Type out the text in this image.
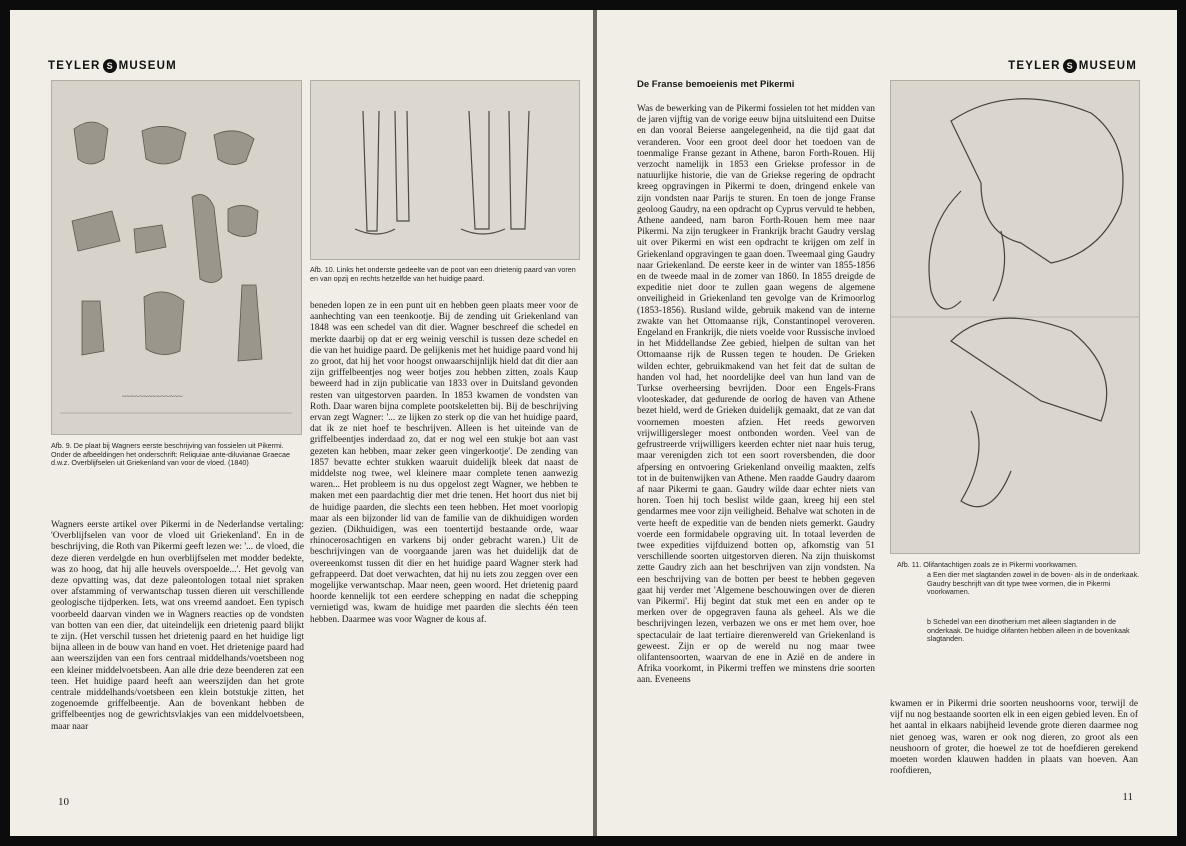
TEYLER S MUSEUM
~~~~~~~~~~~~~~
Afb. 9. De plaat bij Wagners eerste beschrijving van fossielen uit Pikermi. Onder de afbeeldingen het onderschrift: Reliquiae ante-diluvianae Graecae d.w.z. Overblijfselen uit Griekenland van voor de vloed. (1840)
Afb. 10. Links het onderste gedeelte van de poot van een drietenig paard van voren en van opzij en rechts hetzelfde van het huidige paard.

Wagners eerste artikel over Pikermi in de Nederlandse vertaling: 'Overblijfselen van voor de vloed uit Griekenland'. En in de beschrijving, die Roth van Pikermi geeft lezen we: '... de vloed, die deze dieren verdelgde en hun overblijfselen met modder bedekte, was zo hoog, dat hij alle heuvels overspoelde...'. Het gevolg van deze opvatting was, dat deze paleontologen totaal niet spraken over afstamming of verwantschap tussen dieren uit verschillende geologische tijdperken. Iets, wat ons vreemd aandoet. Een typisch voorbeeld daarvan vinden we in Wagners reacties op de vondsten van botten van een dier, dat uiteindelijk een drietenig paard blijkt te zijn. (Het verschil tussen het drietenig paard en het huidige ligt bijna alleen in de bouw van hand en voet. Het drietenige paard had aan weerszijden van een fors centraal middelhands/voetsbeen nog een kleiner middelvoetsbeen. Aan alle drie deze beenderen zat een teen. Het huidige paard heeft aan weerszijden dan het grote centrale middelhands/voetsbeen een klein botstukje zitten, het zogenoemde griffelbeentje. Aan de bovenkant hebben de griffelbeentjes nog de gewrichtsvlakjes van een middelvoetsbeen, maar naar

beneden lopen ze in een punt uit en hebben geen plaats meer voor de aanhechting van een teenkootje. Bij de zending uit Griekenland van 1848 was een schedel van dit dier. Wagner beschreef die schedel en merkte daarbij op dat er erg weinig verschil is tussen deze schedel en die van het huidige paard. De gelijkenis met het huidige paard vond hij zo groot, dat hij het voor hoogst onwaarschijnlijk hield dat dit dier aan zijn griffelbeentjes nog weer botjes zou hebben zitten, zoals Kaup beweerd had in zijn publicatie van 1833 over in Duitsland gevonden resten van uitgestorven paarden. In 1853 kwamen de vondsten van Roth. Daar waren bijna complete pootskeletten bij. Bij de beschrijving ervan zegt Wagner: '... ze lijken zo sterk op die van het huidige paard, dat ik ze niet hoef te beschrijven. Alleen is het uiteinde van de griffelbeentjes inderdaad zo, dat er nog wel een stukje bot aan vast gezeten kan hebben, maar zeker geen vingerkootje'. De zending van 1857 bevatte echter stukken waaruit duidelijk bleek dat naast de middelste nog twee, wel kleinere maar complete tenen aanwezig waren... Het probleem is nu dus opgelost zegt Wagner, we hebben te maken met een paardachtig dier met drie tenen. Het hoort dus niet bij de huidige paarden, die slechts een teen hebben. Het moet voorlopig maar als een bijzonder lid van de familie van de dikhuidigen worden gezien. (Dikhuidigen, was een toentertijd bestaande orde, waar rhinocerosachtigen en varkens bij onder gebracht waren.) Uit de beschrijvingen van de voorgaande jaren was het duidelijk dat de overeenkomst tussen dit dier en het huidige paard Wagner sterk had gefrappeerd. Dat doet verwachten, dat hij nu iets zou zeggen over een mogelijke verwantschap. Maar neen, geen woord. Het drietenig paard hoorde kennelijk tot een eerdere schepping en nadat die schepping vernietigd was, kwam de huidige met paarden die slechts één teen hebben. Daarmee was voor Wagner de kous af.

10
TEYLER S MUSEUM
De Franse bemoeienis met Pikermi

Was de bewerking van de Pikermi fossielen tot het midden van de jaren vijftig van de vorige eeuw bijna uitsluitend een Duitse en dan vooral Beierse aangelegenheid, na die tijd gaat dat veranderen. Voor een groot deel door het toedoen van de toenmalige Franse gezant in Athene, baron Forth-Rouen. Hij verzocht namelijk in 1853 een Griekse professor in de natuurlijke historie, die van de Griekse regering de opdracht kreeg opgravingen in Pikermi te doen, dringend enkele van zijn vondsten naar Parijs te sturen. En toen de jonge Franse geoloog Gaudry, na een opdracht op Cyprus vervuld te hebben, Athene aandeed, nam baron Forth-Rouen hem mee naar Pikermi. Na zijn terugkeer in Frankrijk bracht Gaudry verslag uit over Pikermi en wist een opdracht te krijgen om zelf in Griekenland opgravingen te gaan doen. Tweemaal ging Gaudry naar Griekenland. De eerste keer in de winter van 1855-1856 en de tweede maal in de zomer van 1860. In 1855 dreigde de expeditie niet door te zullen gaan wegens de algemene onveiligheid in Griekenland ten gevolge van de Krimoorlog (1853-1856). Rusland wilde, gebruik makend van de interne zwakte van het Ottomaanse rijk, Constantinopel veroveren. Engeland en Frankrijk, die niets voelde voor Russische invloed in het Middellandse Zee gebied, hielpen de sultan van het Ottomaanse rijk de Russen tegen te houden. De Grieken wilden echter, gebruikmakend van het feit dat de sultan de handen vol had, het noordelijke deel van hun land van de Turkse overheersing bevrijden. Door een Engels-Frans vlooteskader, dat gedurende de oorlog de haven van Athene bezet hield, werd de Grieken duidelijk gemaakt, dat ze van dat voornemen moesten afzien. Het reeds geworven vrijwilligersleger moest ontbonden worden. Veel van de gefrustreerde vrijwilligers keerden echter niet naar huis terug, maar verenigden zich tot een soort roversbenden, die door afpersing en ontvoering Griekenland onveilig maakten, zelfs tot in de buitenwijken van Athene. Men raadde Gaudry daarom af naar Pikermi te gaan. Gaudry wilde daar echter niets van horen. Toen hij toch beslist wilde gaan, kreeg hij een stel gendarmes mee voor zijn veiligheid. Behalve wat schoten in de verte heeft de expeditie van de benden niets gemerkt. Gaudry voerde een formidabele opgraving uit. In totaal leverden de twee expedities vijfduizend botten op, afkomstig van 51 verschillende soorten uitgestorven dieren. Na zijn thuiskomst zette Gaudry zich aan het beschrijven van zijn vondsten. Na een beschrijving van de botten per beest te hebben gegeven gaat hij verder met 'Algemene beschouwingen over de dieren van Pikermi'. Hij begint dat stuk met een en ander op te merken over de opgegraven fauna als geheel. Als we die beschrijvingen lezen, verbazen we ons er met hem over, hoe spectaculair de laat tertiaire dierenwereld van Griekenland is geweest. Zijn er op de wereld nu nog maar twee olifantensoorten, waarvan de ene in Azië en de andere in Afrika voorkomt, in Pikermi treffen we minstens drie soorten aan. Eveneens

Afb. 11. Olifantachtigen zoals ze in Pikermi voorkwamen.
a Een dier met slagtanden zowel in de boven- als in de onderkaak. Gaudry beschrijft van dit type twee vormen, die in Pikermi voorkwamen.
b Schedel van een dinotherium met alleen slagtanden in de onderkaak. De huidige olifanten hebben alleen in de bovenkaak slagtanden.

kwamen er in Pikermi drie soorten neushoorns voor, terwijl de vijf nu nog bestaande soorten elk in een eigen gebied leven. En of het aantal in elkaars nabijheid levende grote dieren daarmee nog niet genoeg was, waren er ook nog dieren, zo groot als een neushoorn of groter, die hoewel ze tot de hoefdieren gerekend moeten worden klauwen hadden in plaats van hoeven. Aan roofdieren,

11
